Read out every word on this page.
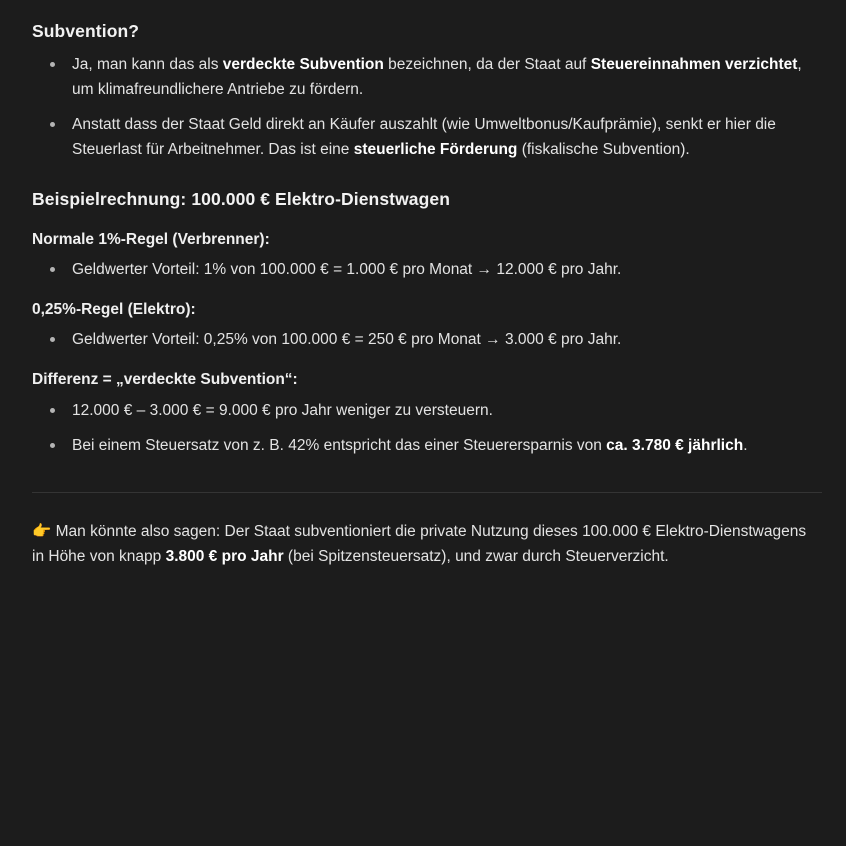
Subvention?
Ja, man kann das als verdeckte Subvention bezeichnen, da der Staat auf Steuereinnahmen verzichtet, um klimafreundlichere Antriebe zu fördern.
Anstatt dass der Staat Geld direkt an Käufer auszahlt (wie Umweltbonus/Kaufprämie), senkt er hier die Steuerlast für Arbeitnehmer. Das ist eine steuerliche Förderung (fiskalische Subvention).
Beispielrechnung: 100.000 € Elektro-Dienstwagen

Normale 1%-Regel (Verbrenner):

Geldwerter Vorteil: 1% von 100.000 € = 1.000 € pro Monat → 12.000 € pro Jahr.

0,25%-Regel (Elektro):

Geldwerter Vorteil: 0,25% von 100.000 € = 250 € pro Monat → 3.000 € pro Jahr.

Differenz = „verdeckte Subvention“:

12.000 € – 3.000 € = 9.000 € pro Jahr weniger zu versteuern.
Bei einem Steuersatz von z. B. 42% entspricht das einer Steuerersparnis von ca. 3.780 € jährlich.

👉 Man könnte also sagen: Der Staat subventioniert die private Nutzung dieses 100.000 € Elektro-Dienstwagens in Höhe von knapp 3.800 € pro Jahr (bei Spitzensteuersatz), und zwar durch Steuerverzicht.
